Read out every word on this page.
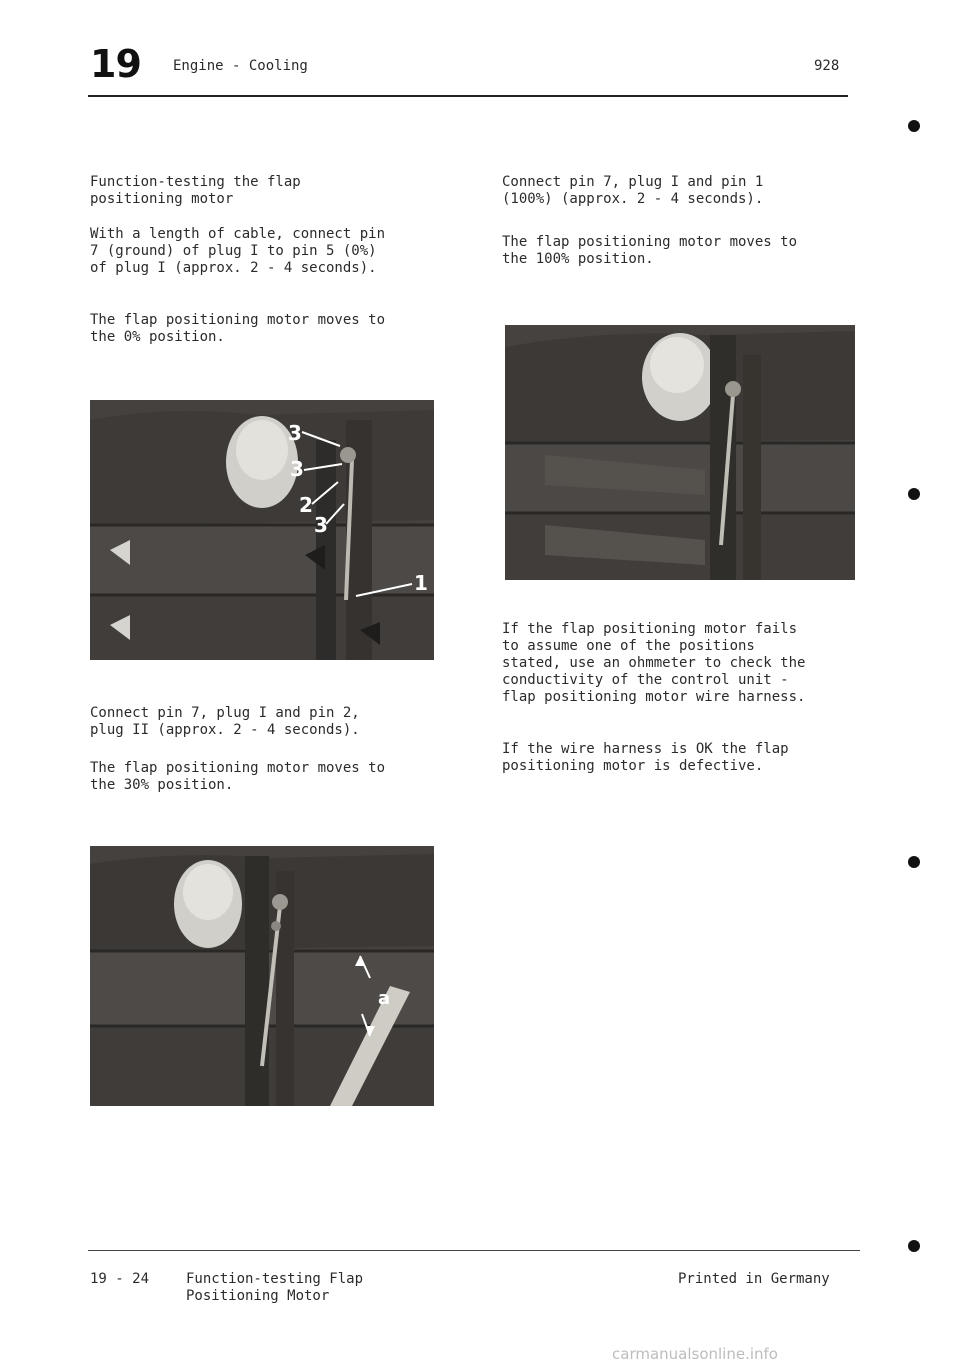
19 Engine - Cooling	928
Function-testing the flap
positioning motor
With a length of cable, connect pin
7 (ground) of plug I to pin 5 (0%)
of plug I (approx. 2 - 4 seconds).
The flap positioning motor moves to
the 0% position.
3
3
2
3
1
Connect pin 7, plug I and pin 2,
plug II (approx. 2 - 4 seconds).
The flap positioning motor moves to
the 30% position.
a
Connect pin 7, plug I and pin 1
(100%) (approx. 2 - 4 seconds).
The flap positioning motor moves to
the 100% position.
If the flap positioning motor fails
to assume one of the positions
stated, use an ohmmeter to check the
conductivity of the control unit -
flap positioning motor wire harness.
If the wire harness is OK the flap
positioning motor is defective.
19 - 24	Function-testing Flap
Positioning Motor
Printed in Germany
carmanualsonline.info
